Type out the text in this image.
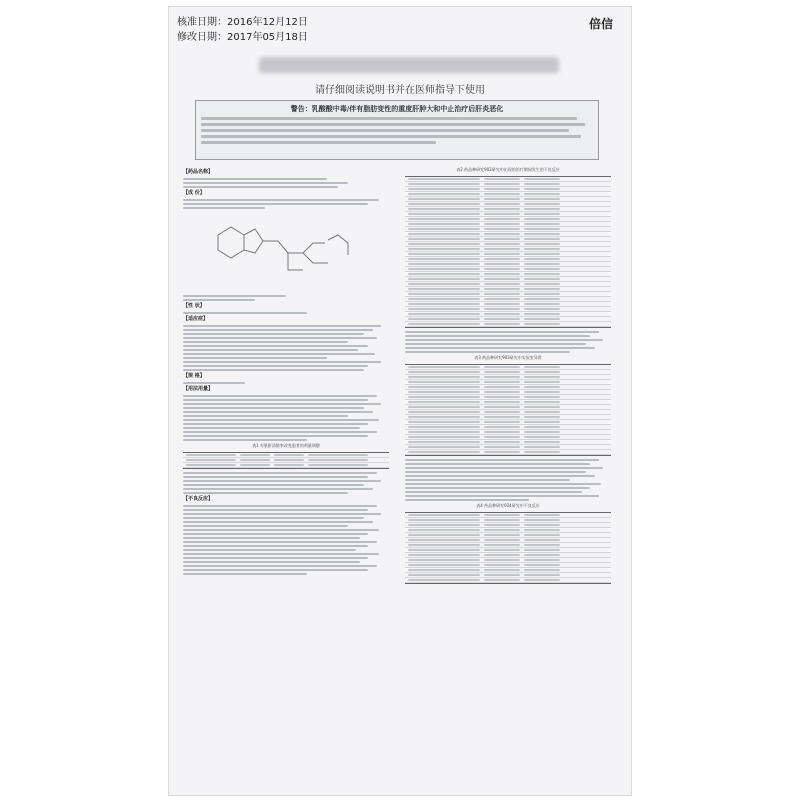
核准日期：2016年12月12日
修改日期：2017年05月18日
倍信
请仔细阅读说明书并在医师指导下使用
警告：乳酸酸中毒/伴有脂肪变性的重度肝肿大和中止治疗后肝炎恶化
【药品名称】
【成 份】
【性 状】
【适应症】
【规 格】
【用法用量】
表1 对肌酐清除率改变患者的剂量调整
【不良反应】
表2 药品种研究903研究中出现的治疗期间发生的不良反应
表3 药品种研究903研究中实验室异常
表4 药品种研究934研究中不良反应
